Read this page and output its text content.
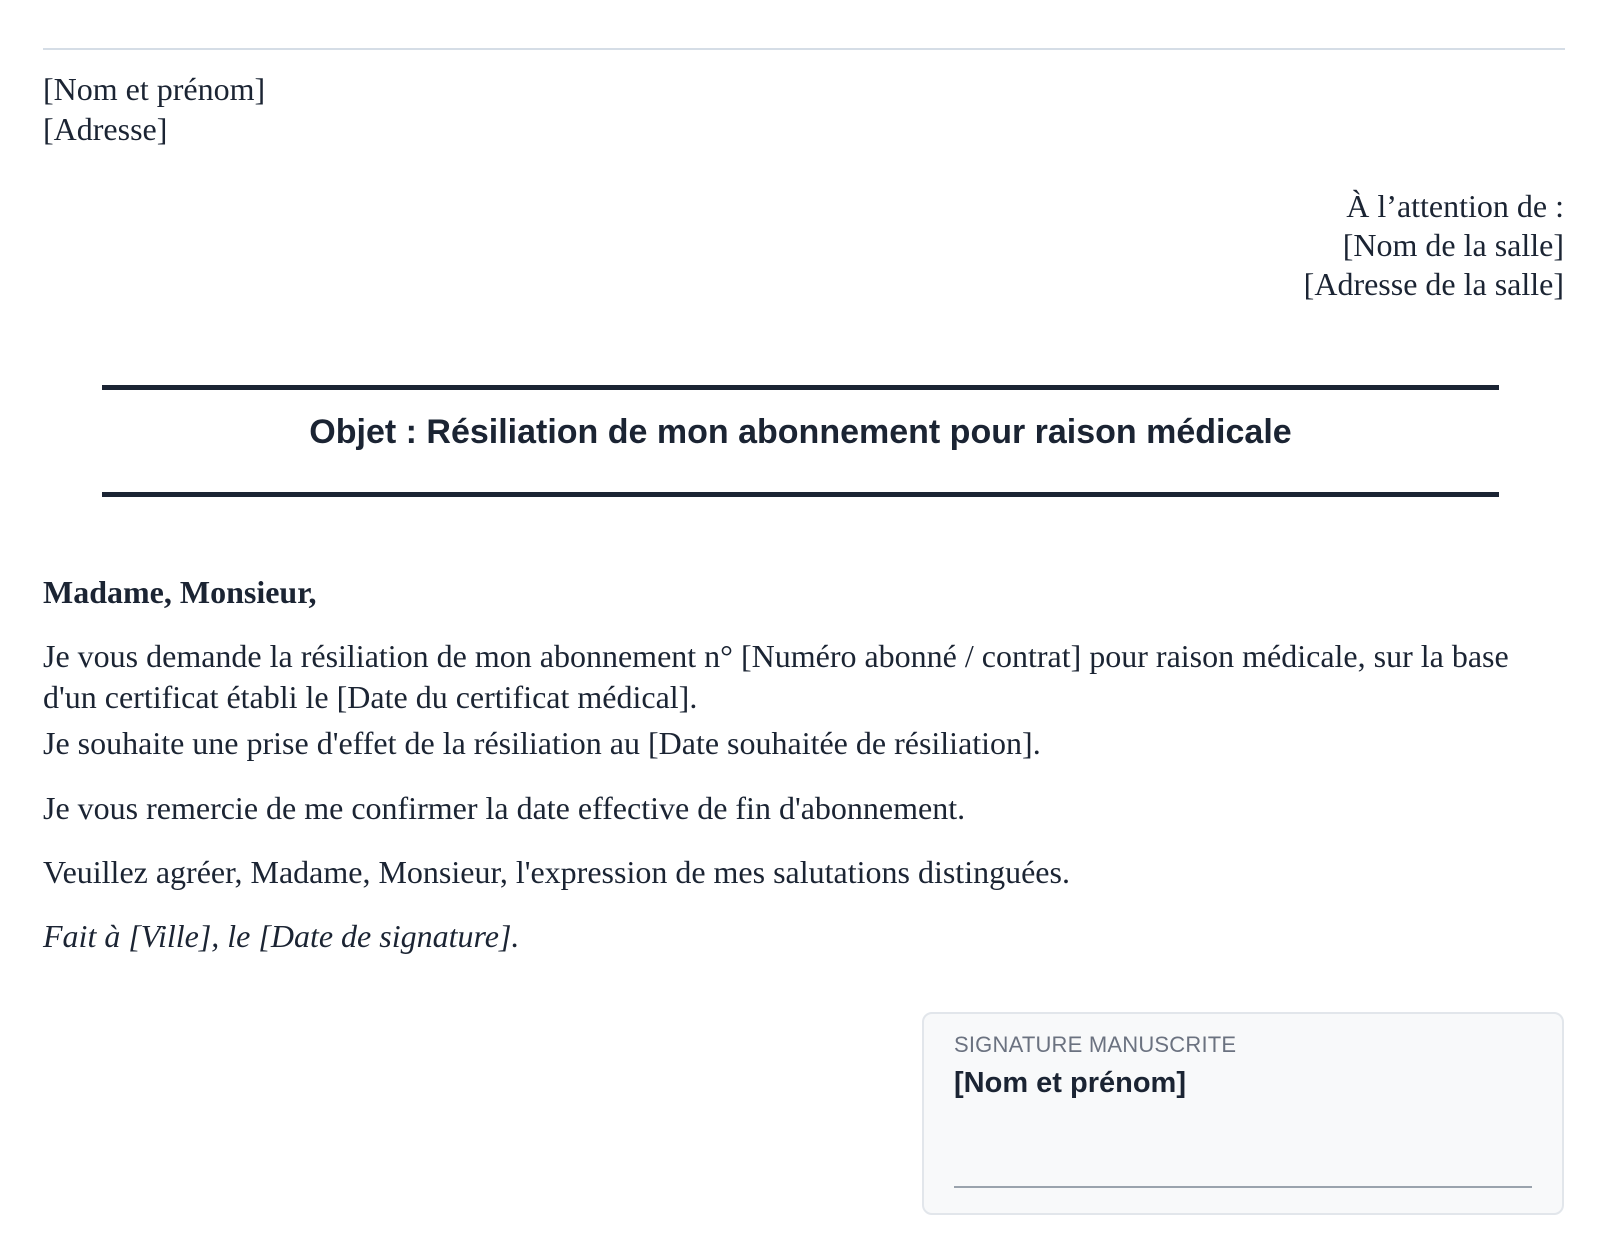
[Nom et prénom]
[Adresse]
À l’attention de :
[Nom de la salle]
[Adresse de la salle]
Objet : Résiliation de mon abonnement pour raison médicale
Madame, Monsieur,
Je vous demande la résiliation de mon abonnement n° [Numéro abonné / contrat] pour raison médicale, sur la base d'un certificat établi le [Date du certificat médical].
Je souhaite une prise d'effet de la résiliation au [Date souhaitée de résiliation].
Je vous remercie de me confirmer la date effective de fin d'abonnement.
Veuillez agréer, Madame, Monsieur, l'expression de mes salutations distinguées.
Fait à [Ville], le [Date de signature].
SIGNATURE MANUSCRITE
[Nom et prénom]
